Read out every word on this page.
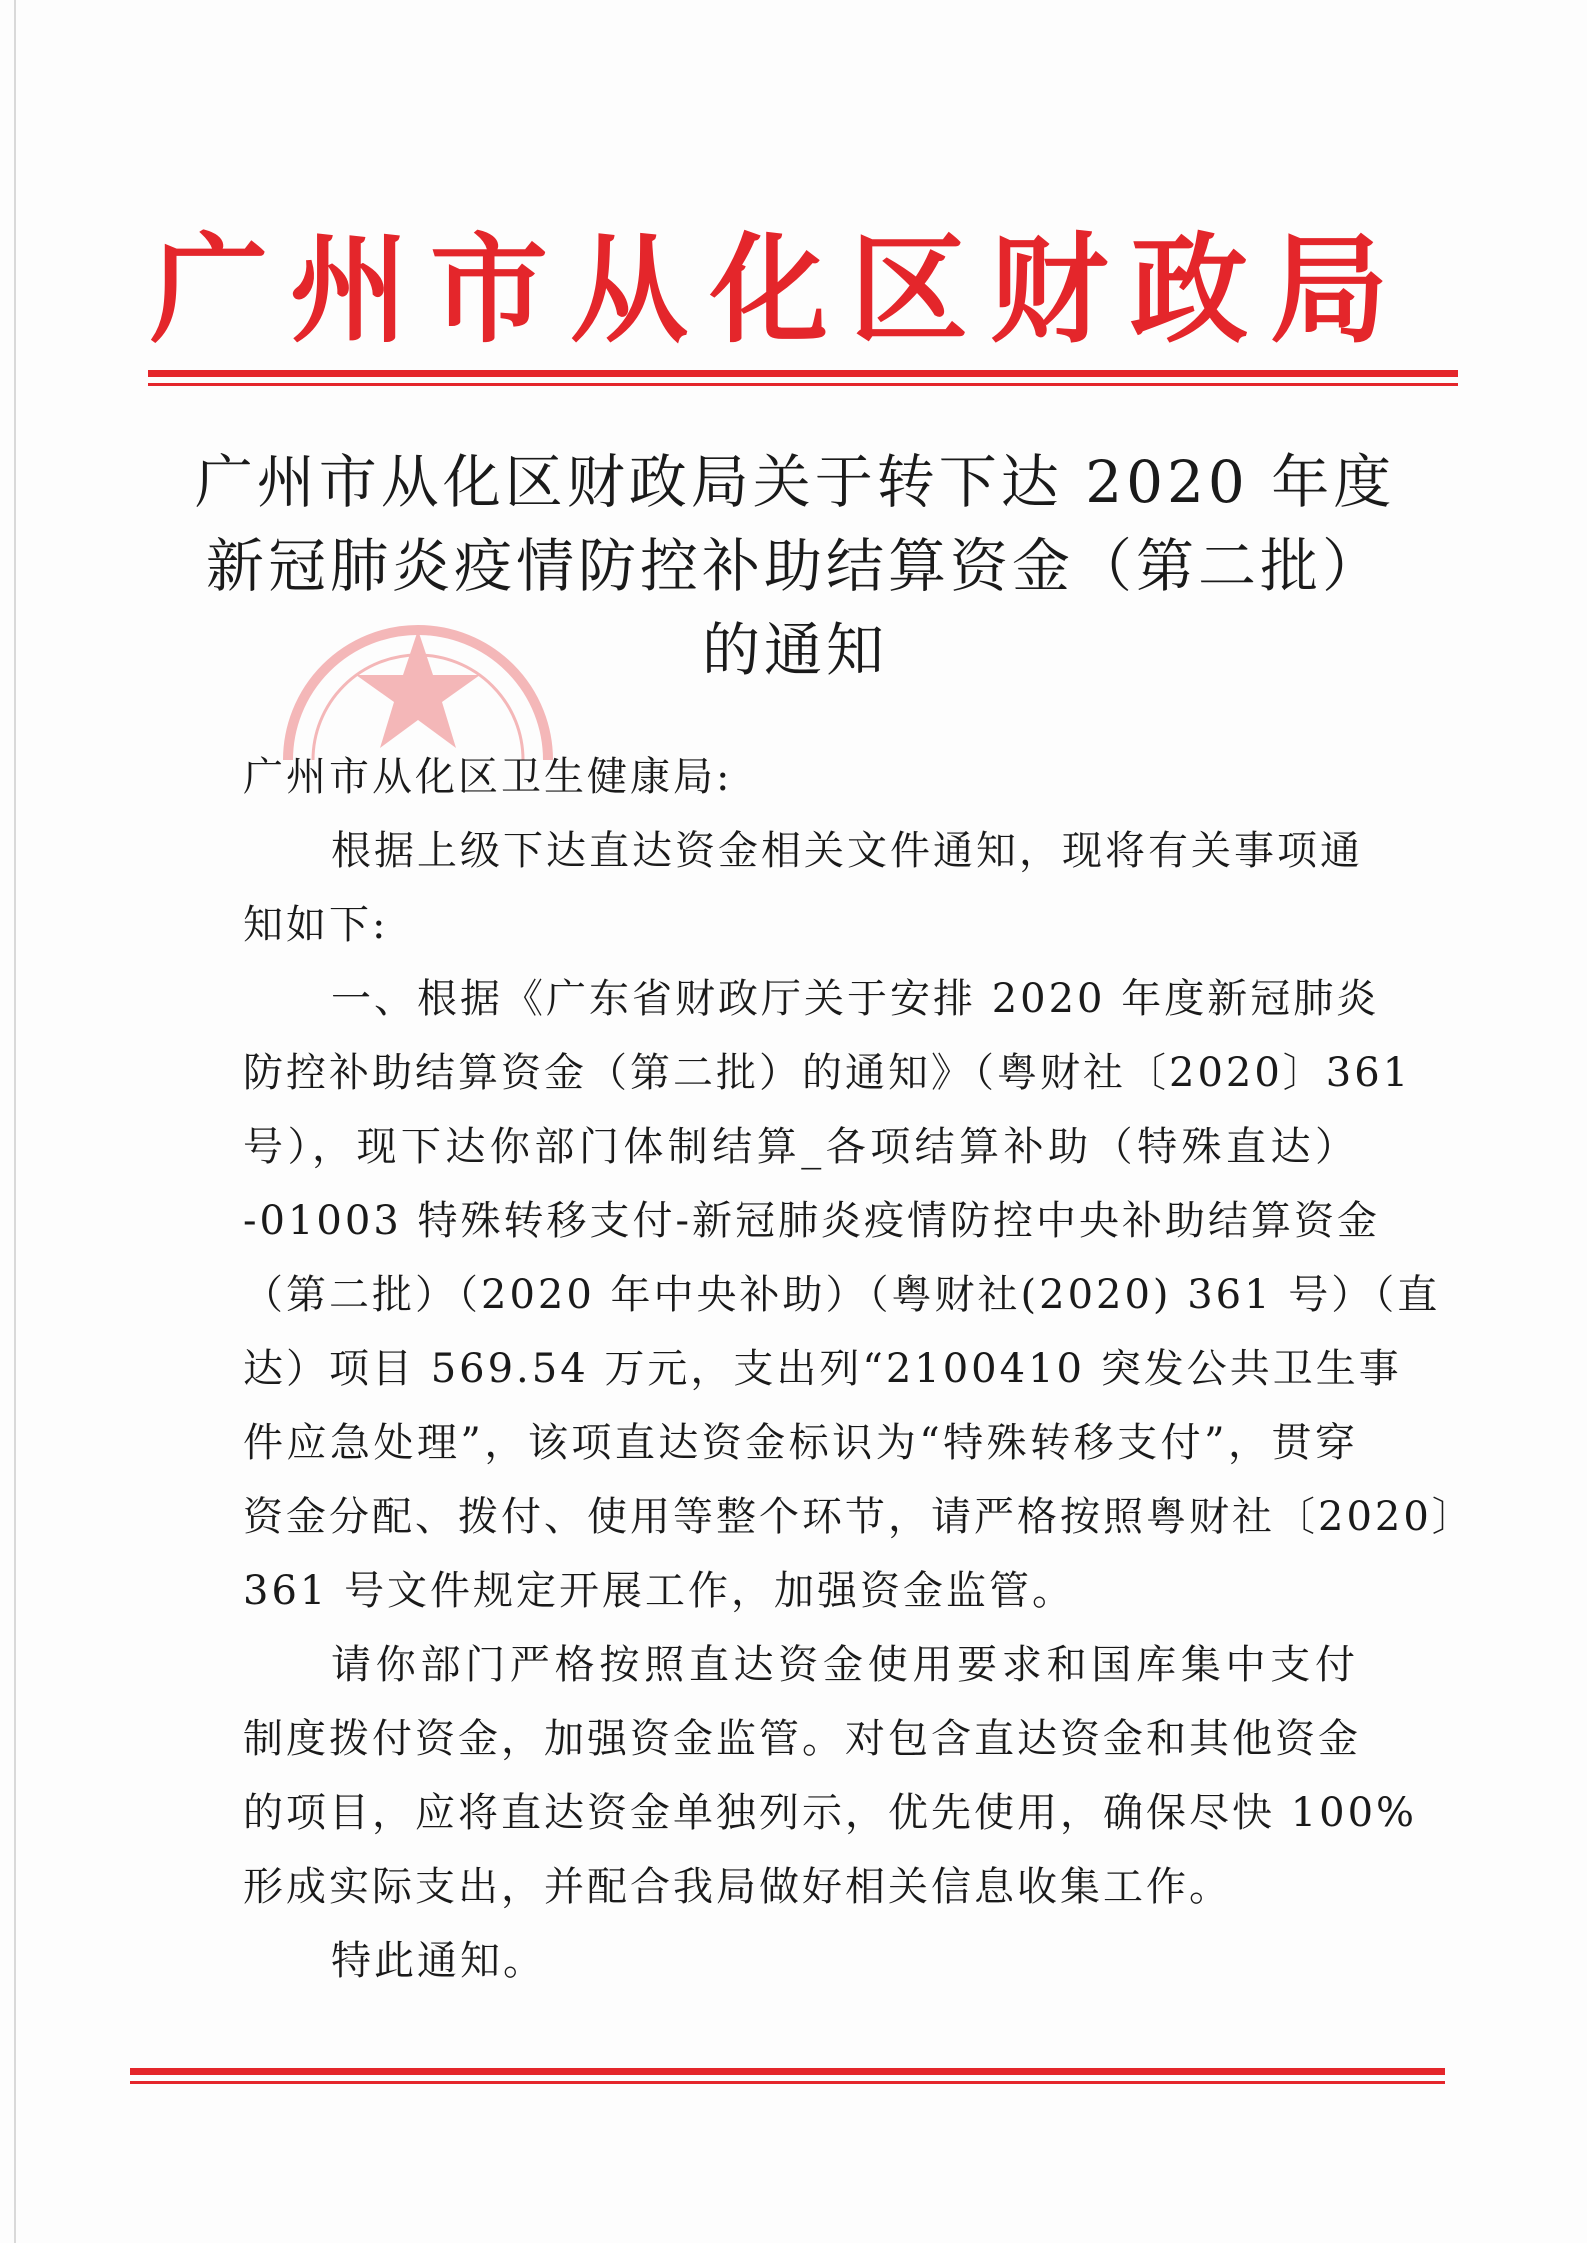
广州市从化区财政局
广州市从化区财政局关于转下达 2020 年度
新冠肺炎疫情防控补助结算资金（第二批）
的通知
广州市从化区卫生健康局:
根据上级下达直达资金相关文件通知，现将有关事项通
知如下:
一、根据《广东省财政厅关于安排 2020 年度新冠肺炎
防控补助结算资金（第二批）的通知》（粤财社〔2020〕361
号），现下达你部门体制结算_各项结算补助（特殊直达）
-01003 特殊转移支付-新冠肺炎疫情防控中央补助结算资金
（第二批）（2020 年中央补助）（粤财社(2020) 361 号）（直
达）项目 569.54 万元，支出列“2100410 突发公共卫生事
件应急处理”，该项直达资金标识为“特殊转移支付”，贯穿
资金分配、拨付、使用等整个环节，请严格按照粤财社〔2020〕
361 号文件规定开展工作，加强资金监管。
请你部门严格按照直达资金使用要求和国库集中支付
制度拨付资金，加强资金监管。对包含直达资金和其他资金
的项目，应将直达资金单独列示，优先使用，确保尽快 100%
形成实际支出，并配合我局做好相关信息收集工作。
特此通知。
